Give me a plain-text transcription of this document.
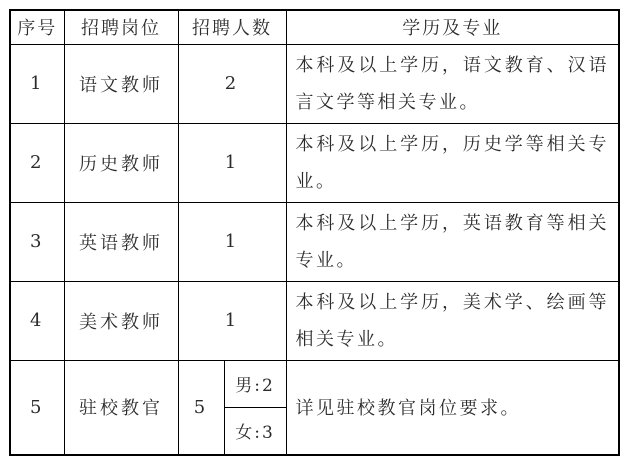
序号	招聘岗位	招聘人数		学历及专业
1	语文教师	2		本科及以上学历，语文教育、汉语言文学等相关专业。
2	历史教师	1		本科及以上学历，历史学等相关专业。
3	英语教师	1		本科及以上学历，英语教育等相关专业。
4	美术教师	1		本科及以上学历，美术学、绘画等相关专业。
5	驻校教官	5	男:2	详见驻校教官岗位要求。
			女:3	
